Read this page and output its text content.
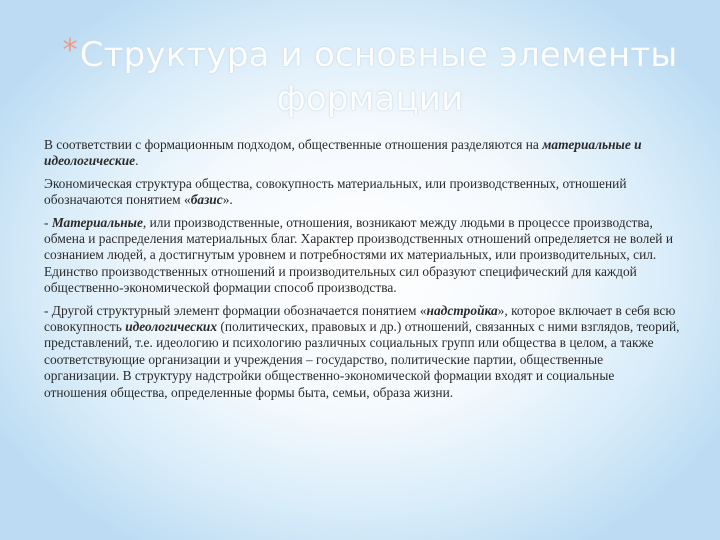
*Структура и основные элементы формации

В соответствии с формационным подходом, общественные отношения разделяются на материальные и идеологические.

Экономическая структура общества, совокупность материальных, или производственных, отношений обозначаются понятием «базис».

- Материальные, или производственные, отношения, возникают между людьми в процессе производства, обмена и распределения материальных благ. Характер производственных отношений определяется не волей и сознанием людей, а достигнутым уровнем и потребностями их материальных, или производительных, сил. Единство производственных отношений и производительных сил образуют специфический для каждой общественно-экономической формации способ производства.

- Другой структурный элемент формации обозначается понятием «надстройка», которое включает в себя всю совокупность идеологических (политических, правовых и др.) отношений, связанных с ними взглядов, теорий, представлений, т.е. идеологию и психологию различных социальных групп или общества в целом, а также соответствующие организации и учреждения – государство, политические партии, общественные организации. В структуру надстройки общественно-экономической формации входят и социальные отношения общества, определенные формы быта, семьи, образа жизни.
